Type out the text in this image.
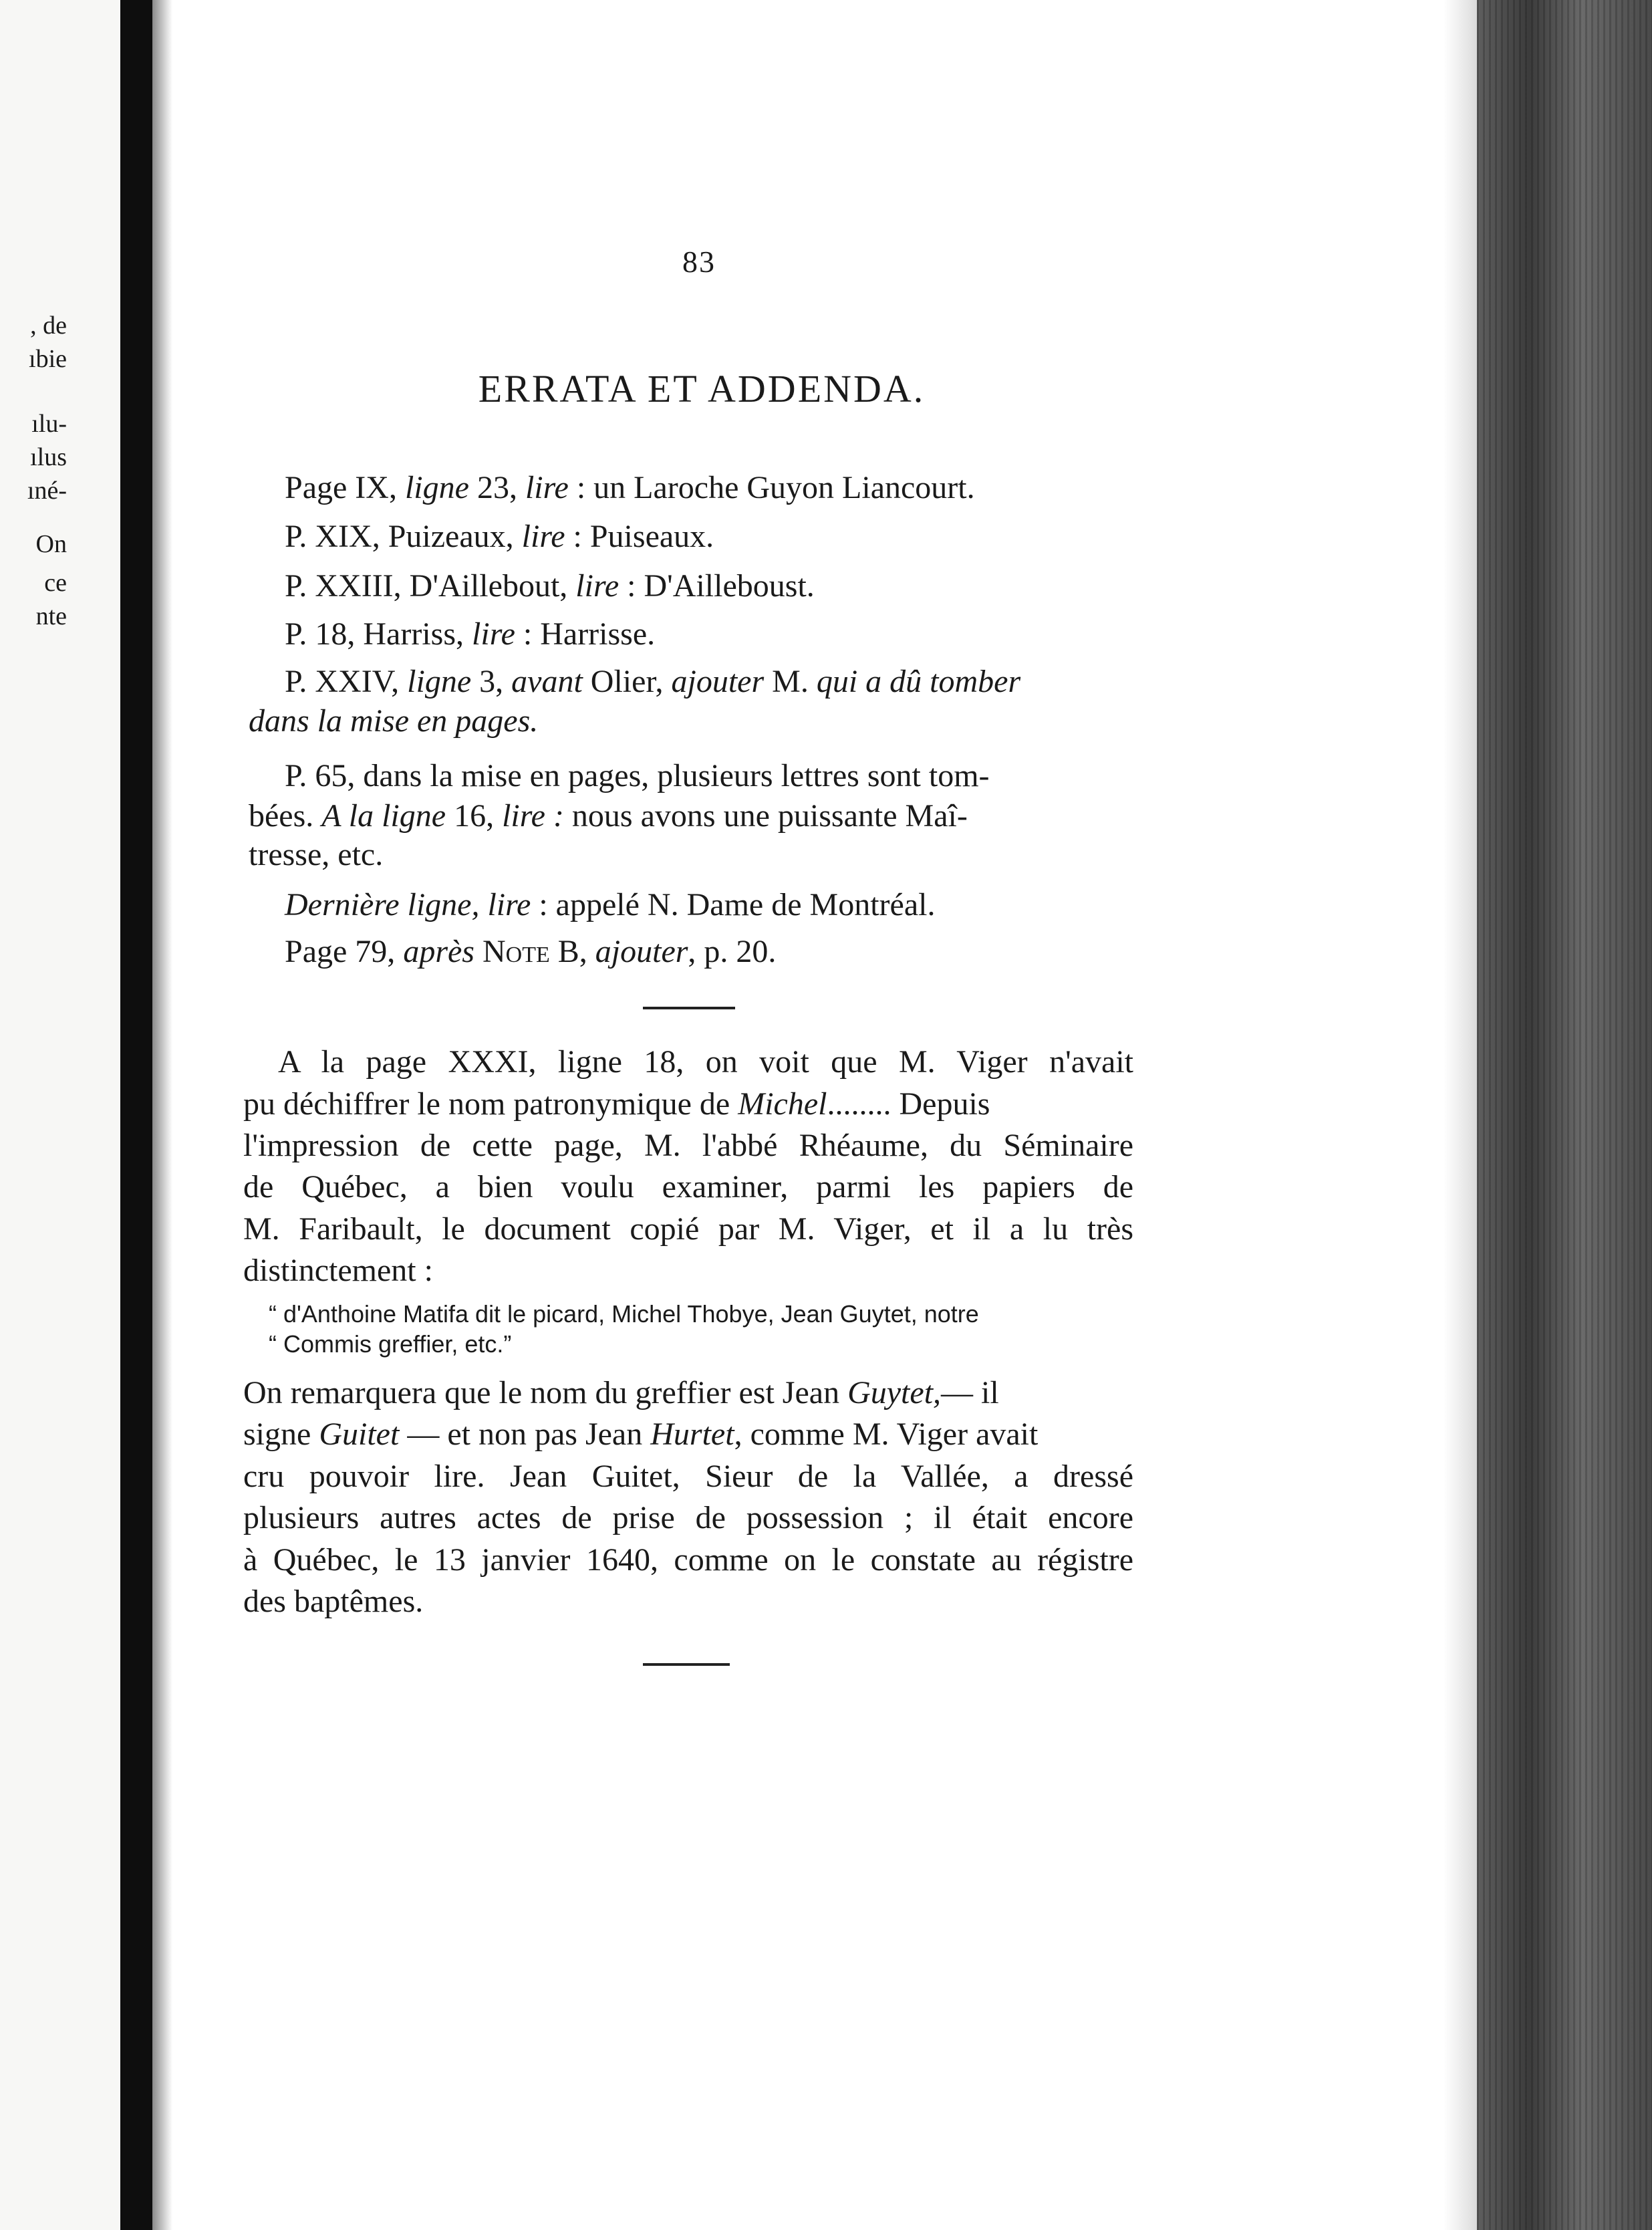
, de
ıbie
ılu-
ılus
ıné-
On
ce
nte
83
ERRATA ET ADDENDA.
Page IX, ligne 23, lire : un Laroche Guyon Liancourt.
P. XIX, Puizeaux, lire : Puiseaux.
P. XXIII, D'Aillebout, lire : D'Ailleboust.
P. 18, Harriss, lire : Harrisse.
P. XXIV, ligne 3, avant Olier, ajouter M. qui a dû tomber
dans la mise en pages.
P. 65, dans la mise en pages, plusieurs lettres sont tom-
bées. A la ligne 16, lire : nous avons une puissante Maî-
tresse, etc.
Dernière ligne, lire : appelé N. Dame de Montréal.
Page 79, après Note B, ajouter, p. 20.
A la page XXXI, ligne 18, on voit que M. Viger n'avait
pu déchiffrer le nom patronymique de Michel........ Depuis
l'impression de cette page, M. l'abbé Rhéaume, du Séminaire
de Québec, a bien voulu examiner, parmi les papiers de
M. Faribault, le document copié par M. Viger, et il a lu très
distinctement :
“ d'Anthoine Matifa dit le picard, Michel Thobye, Jean Guytet, notre
“ Commis greffier, etc.”
On remarquera que le nom du greffier est Jean Guytet,— il
signe Guitet — et non pas Jean Hurtet, comme M. Viger avait
cru pouvoir lire. Jean Guitet, Sieur de la Vallée, a dressé
plusieurs autres actes de prise de possession ; il était encore
à Québec, le 13 janvier 1640, comme on le constate au régistre
des baptêmes.
